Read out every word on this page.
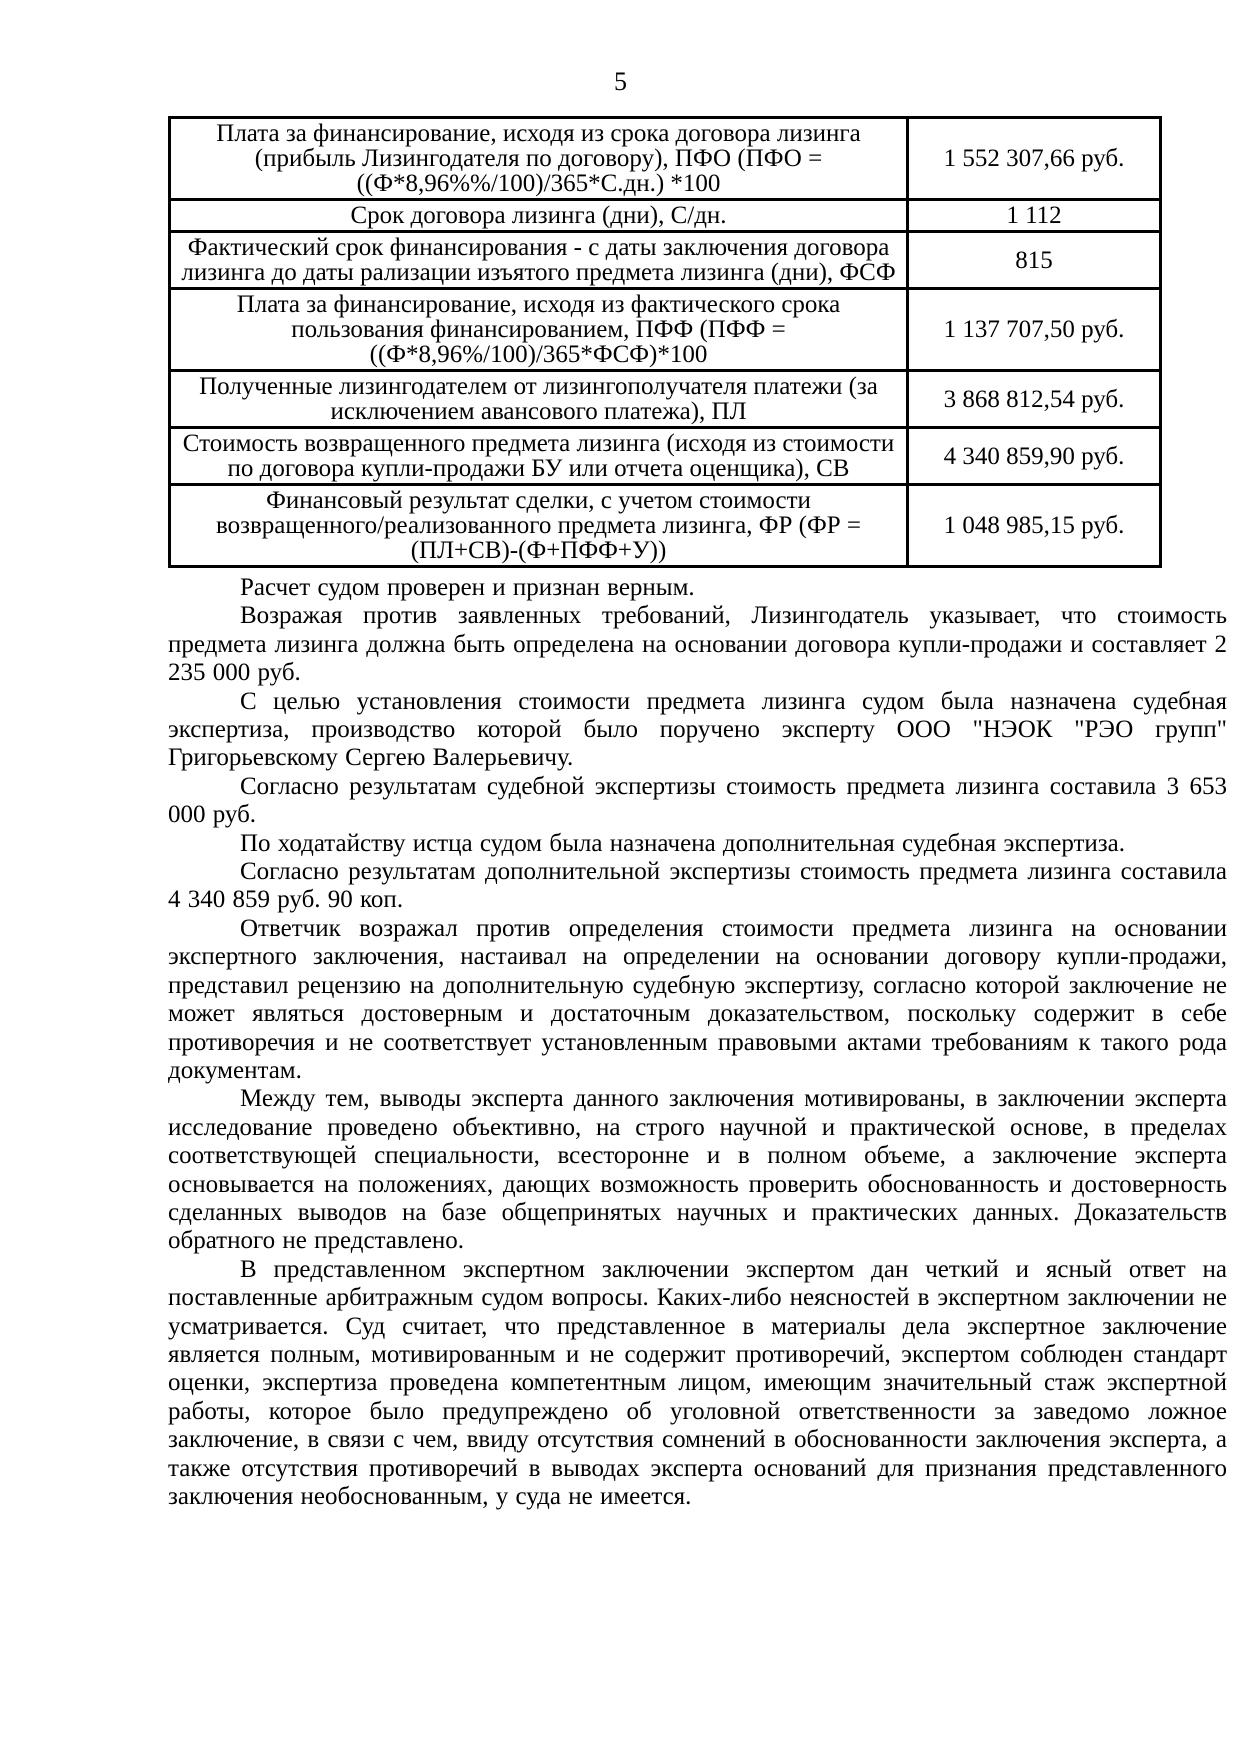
5
Плата за финансирование, исходя из срока договора лизинга (прибыль Лизингодателя по договору), ПФО (ПФО =((Ф*8,96%%/100)/365*С.дн.) *100	1 552 307,66 руб.
Срок договора лизинга (дни), С/дн.	1 112
Фактический срок финансирования - с даты заключения договора лизинга до даты рализации изъятого предмета лизинга (дни), ФСФ	815
Плата за финансирование, исходя из фактического срока пользования финансированием, ПФФ (ПФФ =((Ф*8,96%/100)/365*ФСФ)*100	1 137 707,50 руб.
Полученные лизингодателем от лизингополучателя платежи (за исключением авансового платежа), ПЛ	3 868 812,54 руб.
Стоимость возвращенного предмета лизинга (исходя из стоимости по договора купли-продажи БУ или отчета оценщика), СВ	4 340 859,90 руб.
Финансовый результат сделки, с учетом стоимости возвращенного/реализованного предмета лизинга, ФР (ФР = (ПЛ+СВ)-(Ф+ПФФ+У))	1 048 985,15 руб.

Расчет судом проверен и признан верным.

Возражая против заявленных требований, Лизингодатель указывает, что стоимость предмета лизинга должна быть определена на основании договора купли-продажи и составляет 2 235 000 руб.

С целью установления стоимости предмета лизинга судом была назначена судебная экспертиза, производство которой было поручено эксперту ООО "НЭОК "РЭО групп" Григорьевскому Сергею Валерьевичу.

Согласно результатам судебной экспертизы стоимость предмета лизинга составила 3 653 000 руб.

По ходатайству истца судом была назначена дополнительная судебная экспертиза.

Согласно результатам дополнительной экспертизы стоимость предмета лизинга составила 4 340 859 руб. 90 коп.

Ответчик возражал против определения стоимости предмета лизинга на основании экспертного заключения, настаивал на определении на основании договору купли-продажи, представил рецензию на дополнительную судебную экспертизу, согласно которой заключение не может являться достоверным и достаточным доказательством, поскольку содержит в себе противоречия и не соответствует установленным правовыми актами требованиям к такого рода документам.

Между тем, выводы эксперта данного заключения мотивированы, в заключении эксперта исследование проведено объективно, на строго научной и практической основе, в пределах соответствующей специальности, всесторонне и в полном объеме, а заключение эксперта основывается на положениях, дающих возможность проверить обоснованность и достоверность сделанных выводов на базе общепринятых научных и практических данных. Доказательств обратного не представлено.

В представленном экспертном заключении экспертом дан четкий и ясный ответ на поставленные арбитражным судом вопросы. Каких-либо неясностей в экспертном заключении не усматривается. Суд считает, что представленное в материалы дела экспертное заключение является полным, мотивированным и не содержит противоречий, экспертом соблюден стандарт оценки, экспертиза проведена компетентным лицом, имеющим значительный стаж экспертной работы, которое было предупреждено об уголовной ответственности за заведомо ложное заключение, в связи с чем, ввиду отсутствия сомнений в обоснованности заключения эксперта, а также отсутствия противоречий в выводах эксперта оснований для признания представленного заключения необоснованным, у суда не имеется.
